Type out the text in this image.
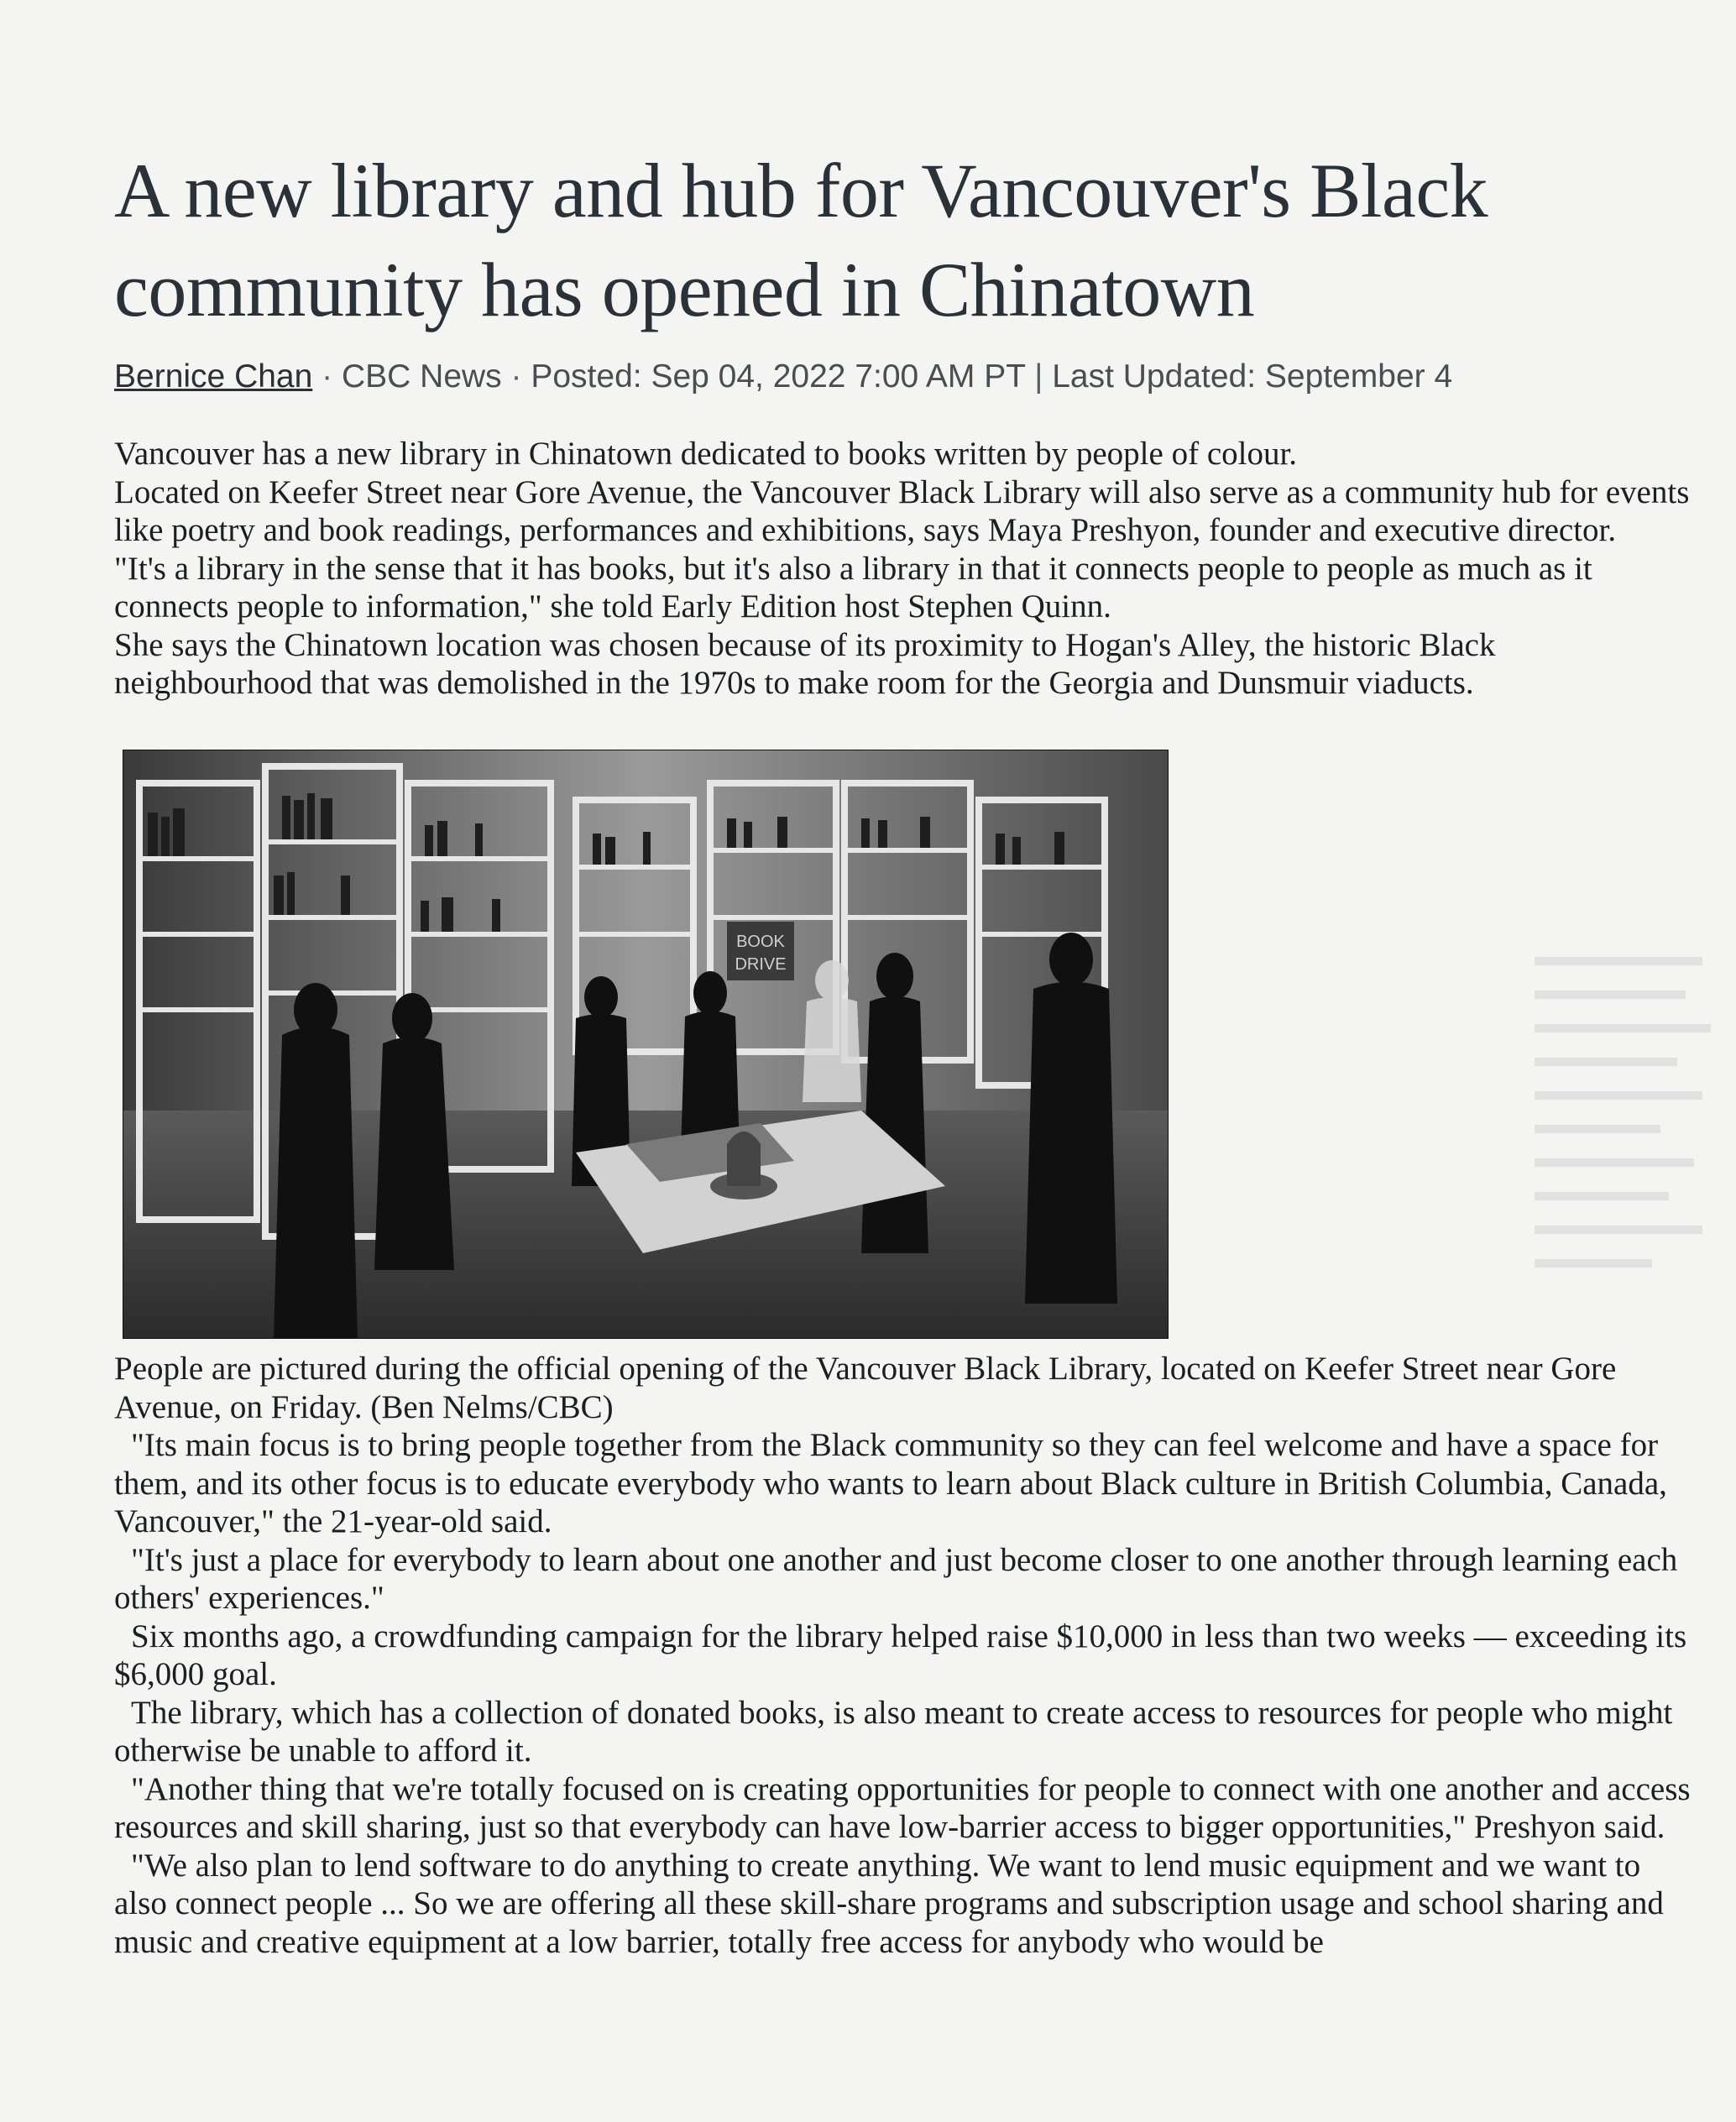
A new library and hub for Vancouver's Black community has opened in Chinatown
Bernice Chan · CBC News · Posted: Sep 04, 2022 7:00 AM PT | Last Updated: September 4

Vancouver has a new library in Chinatown dedicated to books written by people of colour.

Located on Keefer Street near Gore Avenue, the Vancouver Black Library will also serve as a community hub for events like poetry and book readings, performances and exhibitions, says Maya Preshyon, founder and executive director.

"It's a library in the sense that it has books, but it's also a library in that it connects people to people as much as it connects people to information," she told Early Edition host Stephen Quinn.

She says the Chinatown location was chosen because of its proximity to Hogan's Alley, the historic Black neighbourhood that was demolished in the 1970s to make room for the Georgia and Dunsmuir viaducts.

BOOK
DRIVE

People are pictured during the official opening of the Vancouver Black Library, located on Keefer Street near Gore Avenue, on Friday. (Ben Nelms/CBC)

"Its main focus is to bring people together from the Black community so they can feel welcome and have a space for them, and its other focus is to educate everybody who wants to learn about Black culture in British Columbia, Canada, Vancouver," the 21-year-old said.

"It's just a place for everybody to learn about one another and just become closer to one another through learning each others' experiences."

Six months ago, a crowdfunding campaign for the library helped raise $10,000 in less than two weeks — exceeding its $6,000 goal.

The library, which has a collection of donated books, is also meant to create access to resources for people who might otherwise be unable to afford it.

"Another thing that we're totally focused on is creating opportunities for people to connect with one another and access resources and skill sharing, just so that everybody can have low-barrier access to bigger opportunities," Preshyon said.

"We also plan to lend software to do anything to create anything. We want to lend music equipment and we want to also connect people ... So we are offering all these skill-share programs and subscription usage and school sharing and music and creative equipment at a low barrier, totally free access for anybody who would be
